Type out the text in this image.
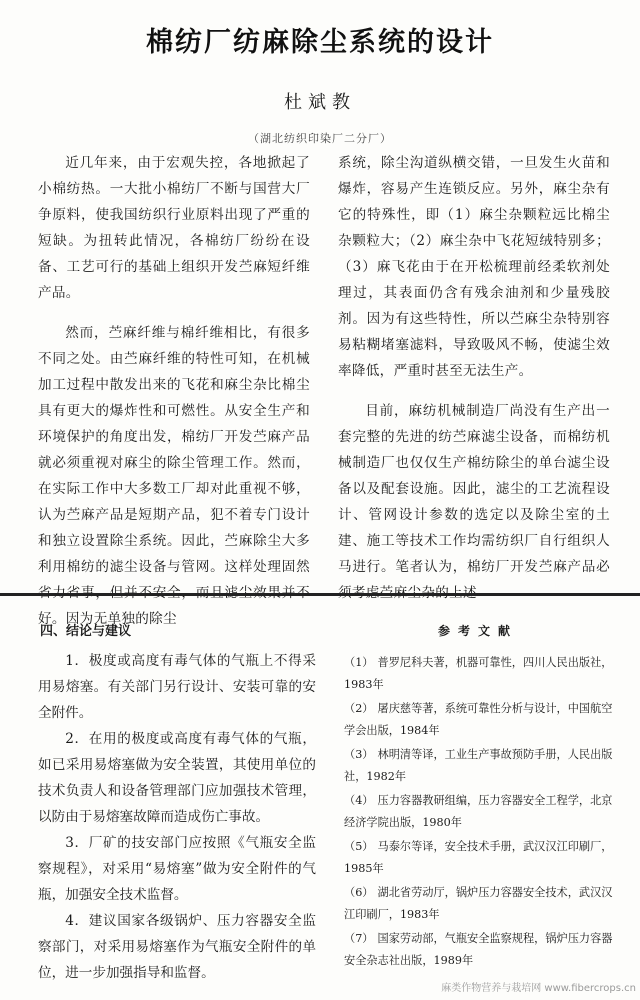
棉纺厂纺麻除尘系统的设计
杜斌教
（湖北纺织印染厂二分厂）

近几年来，由于宏观失控，各地掀起了小棉纺热。一大批小棉纺厂不断与国营大厂争原料，使我国纺织行业原料出现了严重的短缺。为扭转此情况，各棉纺厂纷纷在设备、工艺可行的基础上组织开发苎麻短纤维产品。

然而，苎麻纤维与棉纤维相比，有很多不同之处。由苎麻纤维的特性可知，在机械加工过程中散发出来的飞花和麻尘杂比棉尘具有更大的爆炸性和可燃性。从安全生产和环境保护的角度出发，棉纺厂开发苎麻产品就必须重视对麻尘的除尘管理工作。然而，在实际工作中大多数工厂却对此重视不够，认为苎麻产品是短期产品，犯不着专门设计和独立设置除尘系统。因此，苎麻除尘大多利用棉纺的滤尘设备与管网。这样处理固然 好。因为无单独的除尘

系统，除尘沟道纵横交错，一旦发生火苗和爆炸，容易产生连锁反应。另外，麻尘杂有它的特殊性，即（1）麻尘杂颗粒远比棉尘杂颗粒大；（2）麻尘杂中飞花短绒特别多；（3）麻飞花由于在开松梳理前经柔软剂处理过，其表面仍含有残余油剂和少量残胶剂。因为有这些特性，所以苎麻尘杂特别容易粘糊堵塞滤料，导致吸风不畅，使滤尘效率降低，严重时甚至无法生产。

目前，麻纺机械制造厂尚没有生产出一套完整的先进的纺苎麻滤尘设备，而棉纺机械制造厂也仅仅生产棉纺除尘的单台滤尘设备以及配套设施。因此，滤尘的工艺流程设计、管网设计参数的选定以及除尘室的土建、施工等技术工作均需纺织厂自行组织人马进行。笔者认为，棉纺厂开发苎麻产品必

四、结论与建议

1．极度或高度有毒气体的气瓶上不得采用易熔塞。有关部门另行设计、安装可靠的安全附件。

2．在用的极度或高度有毒气体的气瓶，如已采用易熔塞做为安全装置，其使用单位的技术负责人和设备管理部门应加强技术管理，以防由于易熔塞故障而造成伤亡事故。

3．厂矿的技安部门应按照《气瓶安全监察规程》，对采用“易熔塞”做为安全附件的气瓶，加强安全技术监督。

4．建议国家各级锅炉、压力容器安全监察部门，对采用易熔塞作为气瓶安全附件的单位，进一步加强指导和监督。

参考文献
（1） 普罗尼科夫著，机器可靠性，四川人民出版社，1983年
（2） 屠庆慈等著，系统可靠性分析与设计，中国航空学会出版，1984年
（3） 林明清等译，工业生产事故预防手册，人民出版社，1982年
（4） 压力容器教研组编，压力容器安全工程学，北京经济学院出版，1980年
（5） 马泰尔等译，安全技术手册，武汉汉江印刷厂，1985年
（6） 湖北省劳动厅，锅炉压力容器安全技术，武汉汉江印刷厂，1983年
（7） 国家劳动部，气瓶安全监察规程，锅炉压力容器安全杂志社出版，1989年
麻类作物营养与栽培网 www.fibercrops.cn
